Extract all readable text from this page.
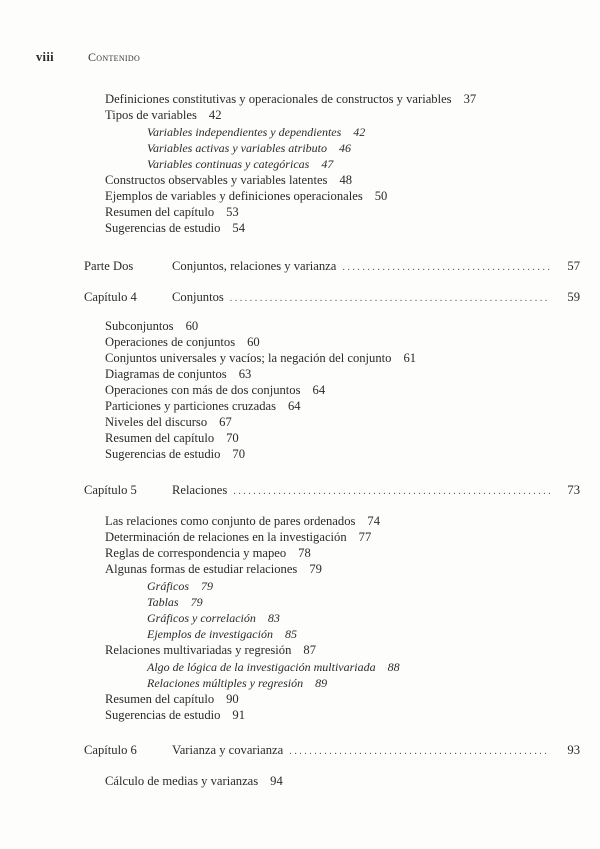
viii	Contenido
Definiciones constitutivas y operacionales de constructos y variables 37
Tipos de variables 42
Variables independientes y dependientes 42
Variables activas y variables atributo 46
Variables continuas y categóricas 47
Constructos observables y variables latentes 48
Ejemplos de variables y definiciones operacionales 50
Resumen del capítulo 53
Sugerencias de estudio 54
Parte Dos	Conjuntos, relaciones y varianza . . .	57
Capítulo 4	Conjuntos . . .	59
Subconjuntos 60
Operaciones de conjuntos 60
Conjuntos universales y vacíos; la negación del conjunto 61
Diagramas de conjuntos 63
Operaciones con más de dos conjuntos 64
Particiones y particiones cruzadas 64
Niveles del discurso 67
Resumen del capítulo 70
Sugerencias de estudio 70
Capítulo 5	Relaciones . . .	73
Las relaciones como conjunto de pares ordenados 74
Determinación de relaciones en la investigación 77
Reglas de correspondencia y mapeo 78
Algunas formas de estudiar relaciones 79
Gráficos 79
Tablas 79
Gráficos y correlación 83
Ejemplos de investigación 85
Relaciones multivariadas y regresión 87
Algo de lógica de la investigación multivariada 88
Relaciones múltiples y regresión 89
Resumen del capítulo 90
Sugerencias de estudio 91
Capítulo 6	Varianza y covarianza . . .	93
Cálculo de medias y varianzas 94
